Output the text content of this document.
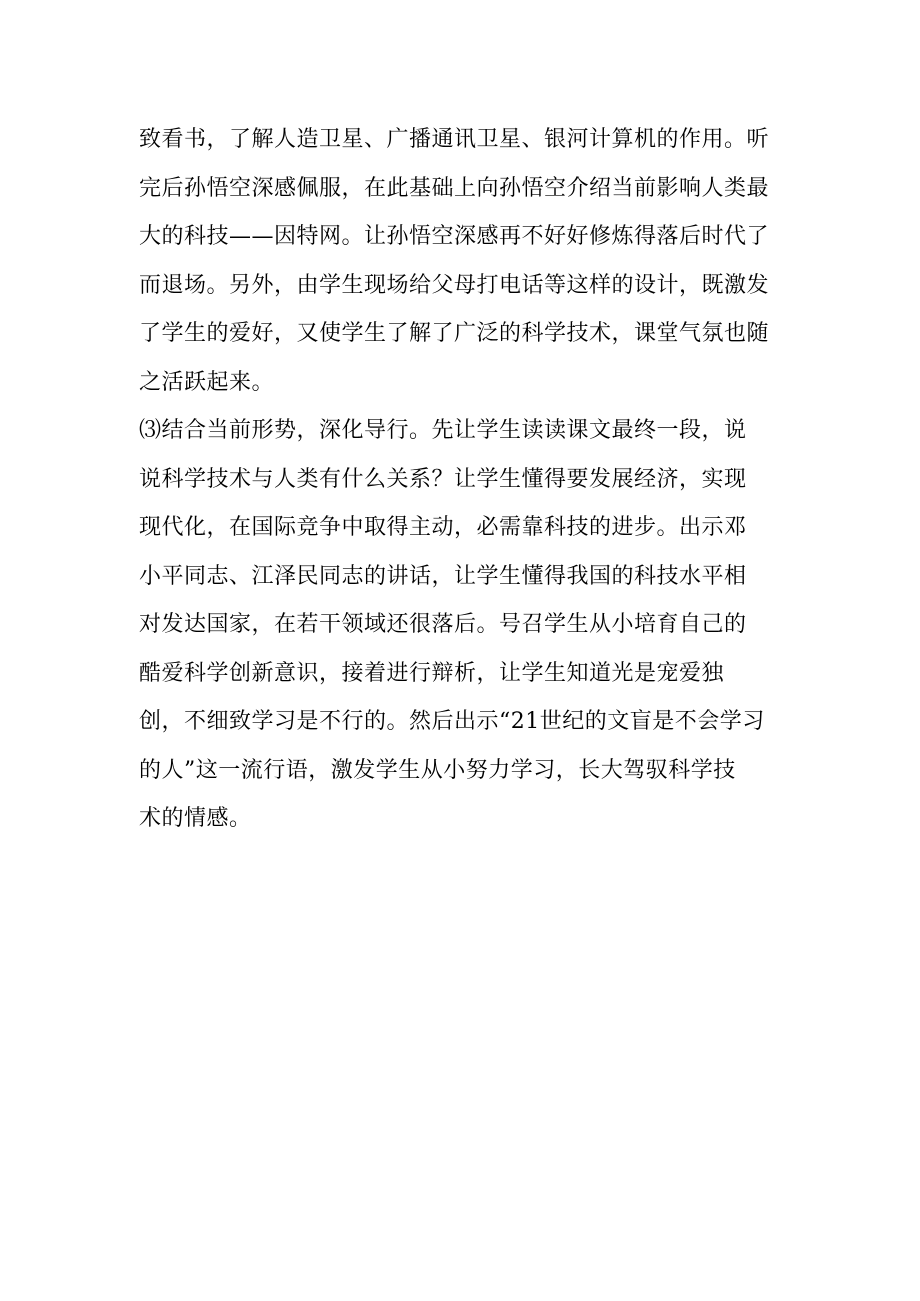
致看书，了解人造卫星、广播通讯卫星、银河计算机的作用。听
完后孙悟空深感佩服，在此基础上向孙悟空介绍当前影响人类最
大的科技——因特网。让孙悟空深感再不好好修炼得落后时代了
而退场。另外，由学生现场给父母打电话等这样的设计，既激发
了学生的爱好，又使学生了解了广泛的科学技术，课堂气氛也随
之活跃起来。
⑶结合当前形势，深化导行。先让学生读读课文最终一段，说
说科学技术与人类有什么关系？让学生懂得要发展经济，实现
现代化，在国际竞争中取得主动，必需靠科技的进步。出示邓
小平同志、江泽民同志的讲话，让学生懂得我国的科技水平相
对发达国家，在若干领域还很落后。号召学生从小培育自己的
酷爱科学创新意识，接着进行辩析，让学生知道光是宠爱独
创，不细致学习是不行的。然后出示“21世纪的文盲是不会学习
的人”这一流行语，激发学生从小努力学习，长大驾驭科学技
术的情感。
